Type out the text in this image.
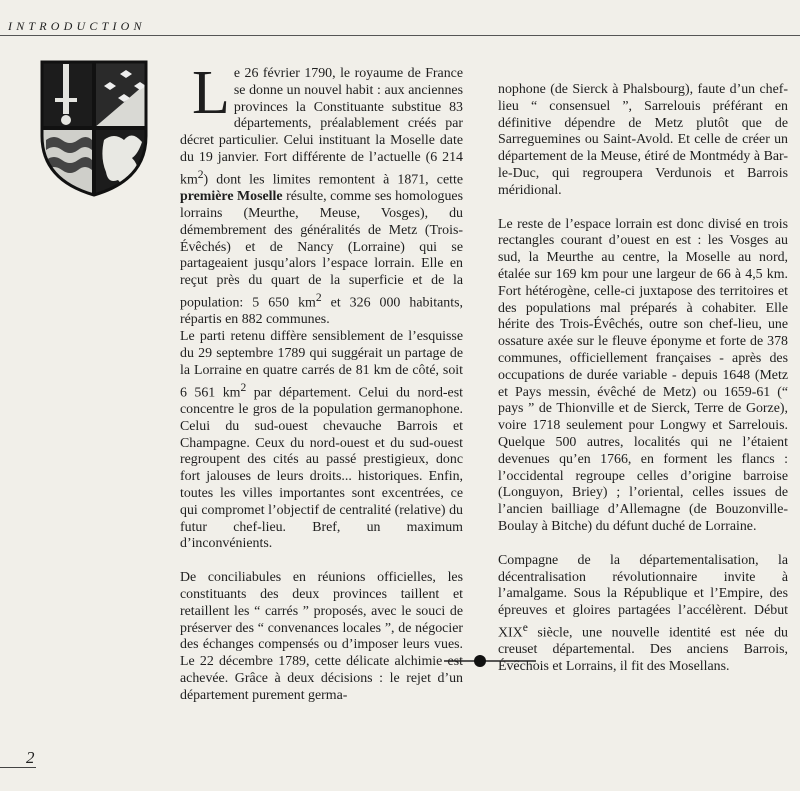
INTRODUCTION

Le 26 février 1790, le royaume de France se donne un nouvel habit : aux anciennes provinces la Constituante substitue 83 départements, préalablement créés par décret particulier. Celui instituant la Moselle date du 19 janvier. Fort différente de l’actuelle (6 214 $km^2$) dont les limites remontent à 1871, cette première Moselle résulte, comme ses homologues lorrains (Meurthe, Meuse, Vosges), du démembrement des généralités de Metz (Trois-Évêchés) et de Nancy (Lorraine) qui se partageaient jusqu’alors l’espace lorrain. Elle en reçut près du quart de la superficie et de la population: 5 650 $km^2$ et 326 000 habitants, répartis en 882 communes.

Le parti retenu diffère sensiblement de l’esquisse du 29 septembre 1789 qui suggérait un partage de la Lorraine en quatre carrés de 81 km de côté, soit 6 561 $km^2$ par département. Celui du nord-est concentre le gros de la population germanophone. Celui du sud-ouest chevauche Barrois et Champagne. Ceux du nord-ouest et du sud-ouest regroupent des cités au passé prestigieux, donc fort jalouses de leurs droits... historiques. Enfin, toutes les villes importantes sont excentrées, ce qui compromet l’objectif de centralité (relative) du futur chef-lieu. Bref, un maximum d’inconvénients.

De conciliabules en réunions officielles, les constituants des deux provinces taillent et retaillent les “ carrés ” proposés, avec le souci de préserver des “ convenances locales ”, de négocier des échanges compensés ou d’imposer leurs vues. Le 22 décembre 1789, cette délicate alchimie est achevée. Grâce à deux décisions : le rejet d’un département purement germa-

nophone (de Sierck à Phalsbourg), faute d’un chef-lieu “ consensuel ”, Sarrelouis préférant en définitive dépendre de Metz plutôt que de Sarreguemines ou Saint-Avold. Et celle de créer un département de la Meuse, étiré de Montmédy à Bar-le-Duc, qui regroupera Verdunois et Barrois méridional.

Le reste de l’espace lorrain est donc divisé en trois rectangles courant d’ouest en est : les Vosges au sud, la Meurthe au centre, la Moselle au nord, étalée sur 169 km pour une largeur de 66 à 4,5 km. Fort hétérogène, celle-ci juxtapose des territoires et des populations mal préparés à cohabiter. Elle hérite des Trois-Évêchés, outre son chef-lieu, une ossature axée sur le fleuve éponyme et forte de 378 communes, officiellement françaises - après des occupations de durée variable - depuis 1648 (Metz et Pays messin, évêché de Metz) ou 1659-61 (“ pays ” de Thionville et de Sierck, Terre de Gorze), voire 1718 seulement pour Longwy et Sarrelouis. Quelque 500 autres, localités qui ne l’étaient devenues qu’en 1766, en forment les flancs : l’occidental regroupe celles d’origine barroise (Longuyon, Briey) ; l’oriental, celles issues de l’ancien bailliage d’Allemagne (de Bouzonville-Boulay à Bitche) du défunt duché de Lorraine.

Compagne de la départementalisation, la décentralisation révolutionnaire invite à l’amalgame. Sous la République et l’Empire, des épreuves et gloires partagées l’accélèrent. Début XIXe siècle, une nouvelle identité est née du creuset départemental. Des anciens Barrois, Évêchois et Lorrains, il fit des Mosellans.

2
